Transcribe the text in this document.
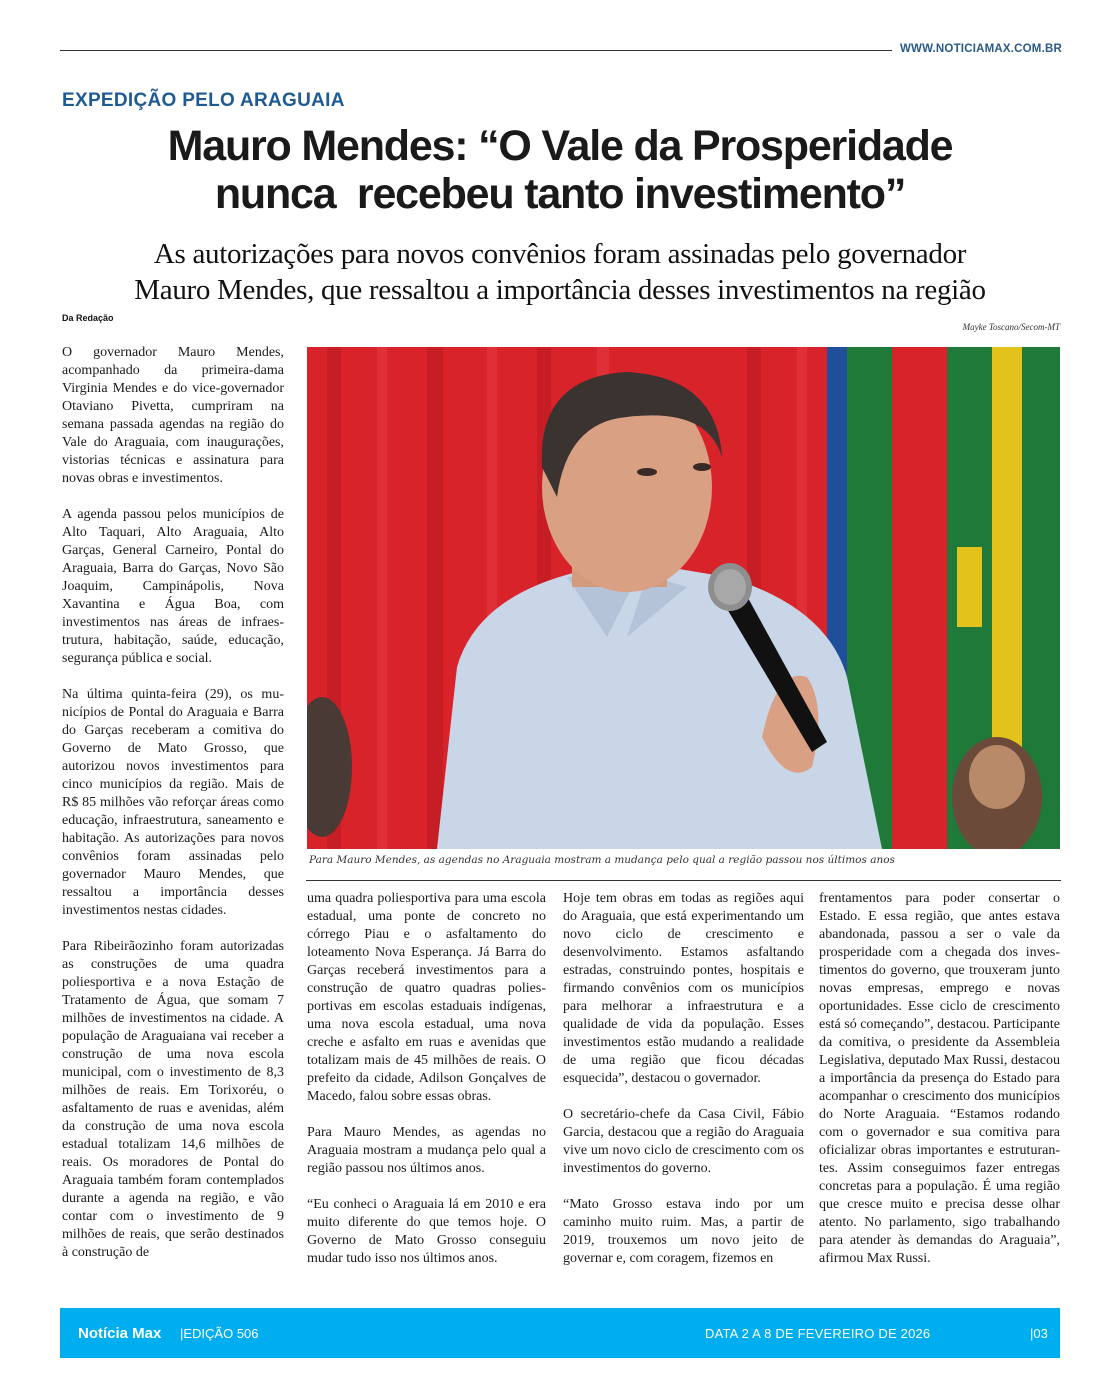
WWW.NOTICIAMAX.COM.BR
EXPEDIÇÃO PELO ARAGUAIA
Mauro Mendes: “O Vale da Prosperidade
nunca  recebeu tanto investimento”
As autorizações para novos convênios foram assinadas pelo governador
Mauro Mendes, que ressaltou a importância desses investimentos na região
Da Redação
Mayke Toscano/Secom-MT
Para Mauro Mendes, as agendas no Araguaia mostram a mudança pelo qual a região passou nos últimos anos

O governador Mauro Mendes, acompanhado da primeira-dama Virginia Mendes e do vice-governador Otaviano Pivetta, cumpriram na semana passada agendas na região do Vale do Araguaia, com inaugurações, vistorias técnicas e assinatura para novas obras e investimentos.

A agenda passou pelos municípios de Alto Taquari, Alto Araguaia, Alto Garças, General Carneiro, Pontal do Araguaia, Barra do Garças, Novo São Joaquim, Campinápolis, Nova Xavantina e Água Boa, com investimentos nas áreas de infraestrutura, habitação, saúde, educação, segurança pública e social.

Na última quinta-feira (29), os municípios de Pontal do Araguaia e Barra do Garças receberam a comitiva do Governo de Mato Grosso, que autorizou novos investimentos para cinco municípios da região. Mais de R$ 85 milhões vão reforçar áreas como educação, infraestrutura, saneamento e habitação. As autorizações para novos convênios foram assinadas pelo governador Mauro Mendes, que ressaltou a importância desses investimentos nestas cidades.

Para Ribeirãozinho foram autorizadas as construções de uma quadra poliesportiva e a nova Estação de Tratamento de Água, que somam 7 milhões de investimentos na cidade. A população de Araguaiana vai receber a construção de uma nova escola municipal, com o investimento de 8,3 milhões de reais. Em Torixoréu, o asfaltamento de ruas e avenidas, além da construção de uma nova escola estadual totalizam 14,6 milhões de reais. Os moradores de Pontal do Araguaia também foram contemplados durante a agenda na região, e vão contar com o investimento de 9 milhões de reais, que serão destinados à construção de

uma quadra poliesportiva para uma escola estadual, uma ponte de concreto no córrego Piau e o asfaltamento do loteamento Nova Esperança. Já Barra do Garças receberá investimentos para a construção de quatro quadras poliesportivas em escolas estaduais indígenas, uma nova escola estadual, uma nova creche e asfalto em ruas e avenidas que totalizam mais de 45 milhões de reais. O prefeito da cidade, Adilson Gonçalves de Macedo, falou sobre essas obras.

Para Mauro Mendes, as agendas no Araguaia mostram a mudança pelo qual a região passou nos últimos anos.

“Eu conheci o Araguaia lá em 2010 e era muito diferente do que temos hoje. O Governo de Mato Grosso conseguiu mudar tudo isso nos últimos anos.

Hoje tem obras em todas as regiões aqui do Araguaia, que está experimentando um novo ciclo de crescimento e desenvolvimento. Estamos asfaltando estradas, construindo pontes, hospitais e firmando convênios com os municípios para melhorar a infraestrutura e a qualidade de vida da população. Esses investimentos estão mudando a realidade de uma região que ficou décadas esquecida”, destacou o governador.

O secretário-chefe da Casa Civil, Fábio Garcia, destacou que a região do Araguaia vive um novo ciclo de crescimento com os investimentos do governo.

“Mato Grosso estava indo por um caminho muito ruim. Mas, a partir de 2019, trouxemos um novo jeito de governar e, com coragem, fizemos en

frentamentos para poder consertar o Estado. E essa região, que antes estava abandonada, passou a ser o vale da prosperidade com a chegada dos investimentos do governo, que trouxeram junto novas empresas, emprego e novas oportunidades. Esse ciclo de crescimento está só começando”, destacou. Participante da comitiva, o presidente da Assembleia Legislativa, deputado Max Russi, destacou a importância da presença do Estado para acompanhar o crescimento dos municípios do Norte Araguaia. “Estamos rodando com o governador e sua comitiva para oficializar obras importantes e estruturantes. Assim conseguimos fazer entregas concretas para a população. É uma região que cresce muito e precisa desse olhar atento. No parlamento, sigo trabalhando para atender às demandas do Araguaia”, afirmou Max Russi.

Notícia Max |EDIÇÃO 506	DATA 2 A 8 DE FEVEREIRO DE 2026	|03
